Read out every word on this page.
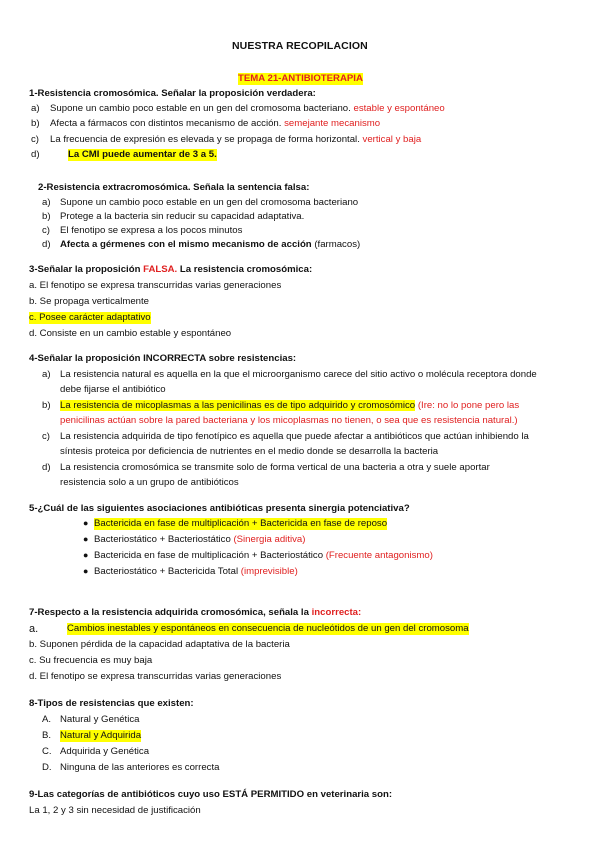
NUESTRA RECOPILACION
TEMA 21-ANTIBIOTERAPIA
1-Resistencia cromosómica. Señalar la proposición verdadera:
a) Supone un cambio poco estable en un gen del cromosoma bacteriano. estable y espontáneo
b) Afecta a fármacos con distintos mecanismo de acción. semejante mecanismo
c) La frecuencia de expresión es elevada y se propaga de forma horizontal. vertical y baja
d)	La CMI puede aumentar de 3 a 5.
2-Resistencia extracromosómica. Señala la sentencia falsa:
a) Supone un cambio poco estable en un gen del cromosoma bacteriano
b) Protege a la bacteria sin reducir su capacidad adaptativa.
c) El fenotipo se expresa a los pocos minutos
d) Afecta a gérmenes con el mismo mecanismo de acción (farmacos)
3-Señalar la proposición FALSA. La resistencia cromosómica:
a. El fenotipo se expresa transcurridas varias generaciones
b. Se propaga verticalmente
c. Posee carácter adaptativo
d. Consiste en un cambio estable y espontáneo
4-Señalar la proposición INCORRECTA sobre resistencias:
a) La resistencia natural es aquella en la que el microorganismo carece del sitio activo o molécula receptora donde
debe fijarse el antibiótico
b) La resistencia de micoplasmas a las penicilinas es de tipo adquirido y cromosómico (Ire: no lo pone pero las
penicilinas actúan sobre la pared bacteriana y los micoplasmas no tienen, o sea que es resistencia natural.)
c) La resistencia adquirida de tipo fenotípico es aquella que puede afectar a antibióticos que actúan inhibiendo la
síntesis proteica por deficiencia de nutrientes en el medio donde se desarrolla la bacteria
d) La resistencia cromosómica se transmite solo de forma vertical de una bacteria a otra y suele aportar
resistencia solo a un grupo de antibióticos
5-¿Cuál de las siguientes asociaciones antibióticas presenta sinergia potenciativa?
● Bactericida en fase de multiplicación + Bactericida en fase de reposo
● Bacteriostático + Bacteriostático (Sinergia aditiva)
● Bactericida en fase de multiplicación + Bacteriostático (Frecuente antagonismo)
● Bacteriostático + Bactericida Total (imprevisible)
7-Respecto a la resistencia adquirida cromosómica, señala la incorrecta:
a.	Cambios inestables y espontáneos en consecuencia de nucleótidos de un gen del cromosoma
b. Suponen pérdida de la capacidad adaptativa de la bacteria
c. Su frecuencia es muy baja
d. El fenotipo se expresa transcurridas varias generaciones
8-Tipos de resistencias que existen:
A. Natural y Genética
B. Natural y Adquirida
C. Adquirida y Genética
D. Ninguna de las anteriores es correcta
9-Las categorías de antibióticos cuyo uso ESTÁ PERMITIDO en veterinaria son:
La 1, 2 y 3 sin necesidad de justificación
